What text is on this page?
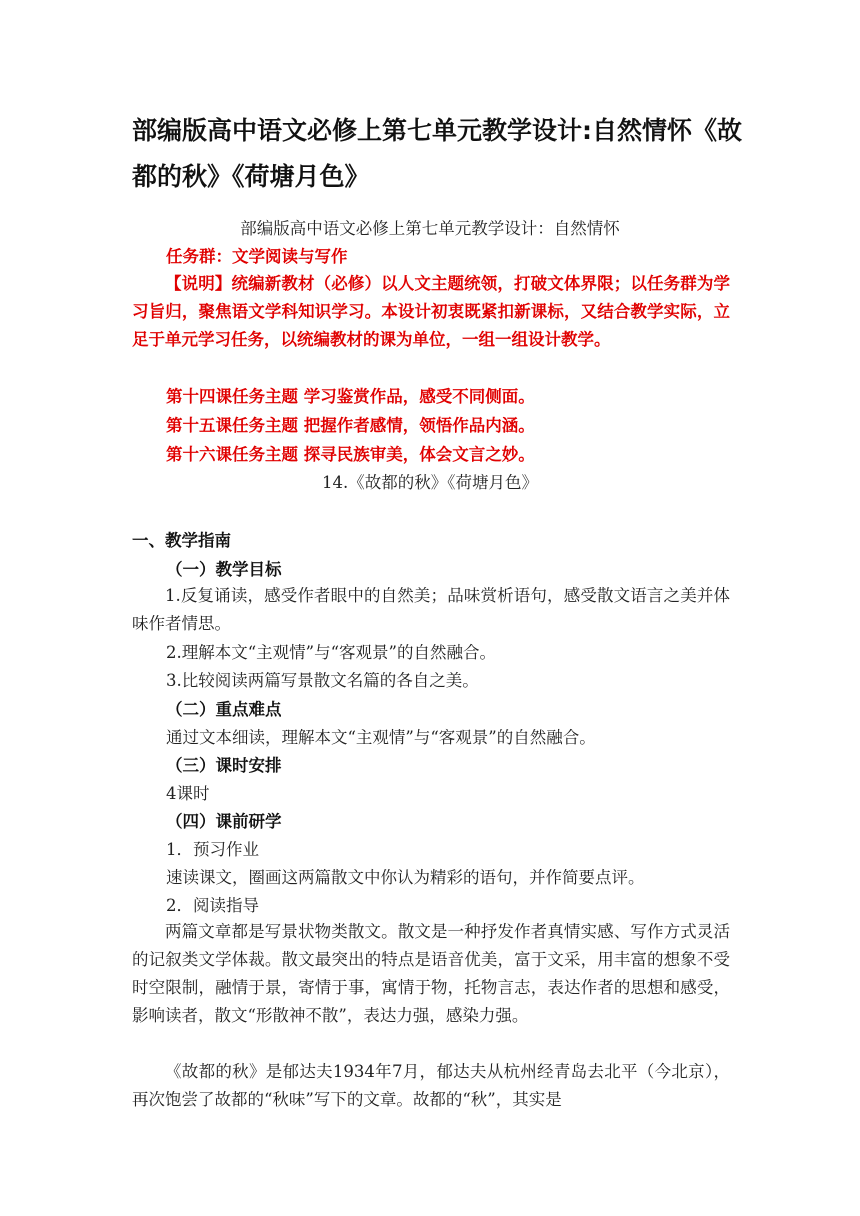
部编版高中语文必修上第七单元教学设计:自然情怀《故都的秋》《荷塘月色》
部编版高中语文必修上第七单元教学设计：自然情怀
任务群：文学阅读与写作
【说明】统编新教材（必修）以人文主题统领，打破文体界限；以任务群为学习旨归，聚焦语文学科知识学习。本设计初衷既紧扣新课标，又结合教学实际，立足于单元学习任务，以统编教材的课为单位，一组一组设计教学。
第十四课任务主题 学习鉴赏作品，感受不同侧面。
第十五课任务主题 把握作者感情，领悟作品内涵。
第十六课任务主题 探寻民族审美，体会文言之妙。
14.《故都的秋》《荷塘月色》
一、教学指南
（一）教学目标
1.反复诵读，感受作者眼中的自然美；品味赏析语句，感受散文语言之美并体味作者情思。
2.理解本文“主观情”与“客观景”的自然融合。
3.比较阅读两篇写景散文名篇的各自之美。
（二）重点难点
通过文本细读，理解本文“主观情”与“客观景”的自然融合。
（三）课时安排
4课时
（四）课前研学
1．预习作业
速读课文，圈画这两篇散文中你认为精彩的语句，并作简要点评。
2．阅读指导
两篇文章都是写景状物类散文。散文是一种抒发作者真情实感、写作方式灵活的记叙类文学体裁。散文最突出的特点是语音优美，富于文采，用丰富的想象不受时空限制，融情于景，寄情于事，寓情于物，托物言志，表达作者的思想和感受，影响读者，散文“形散神不散”，表达力强，感染力强。
《故都的秋》是郁达夫1934年7月，郁达夫从杭州经青岛去北平（今北京），再次饱尝了故都的“秋味”写下的文章。故都的“秋”，其实是
